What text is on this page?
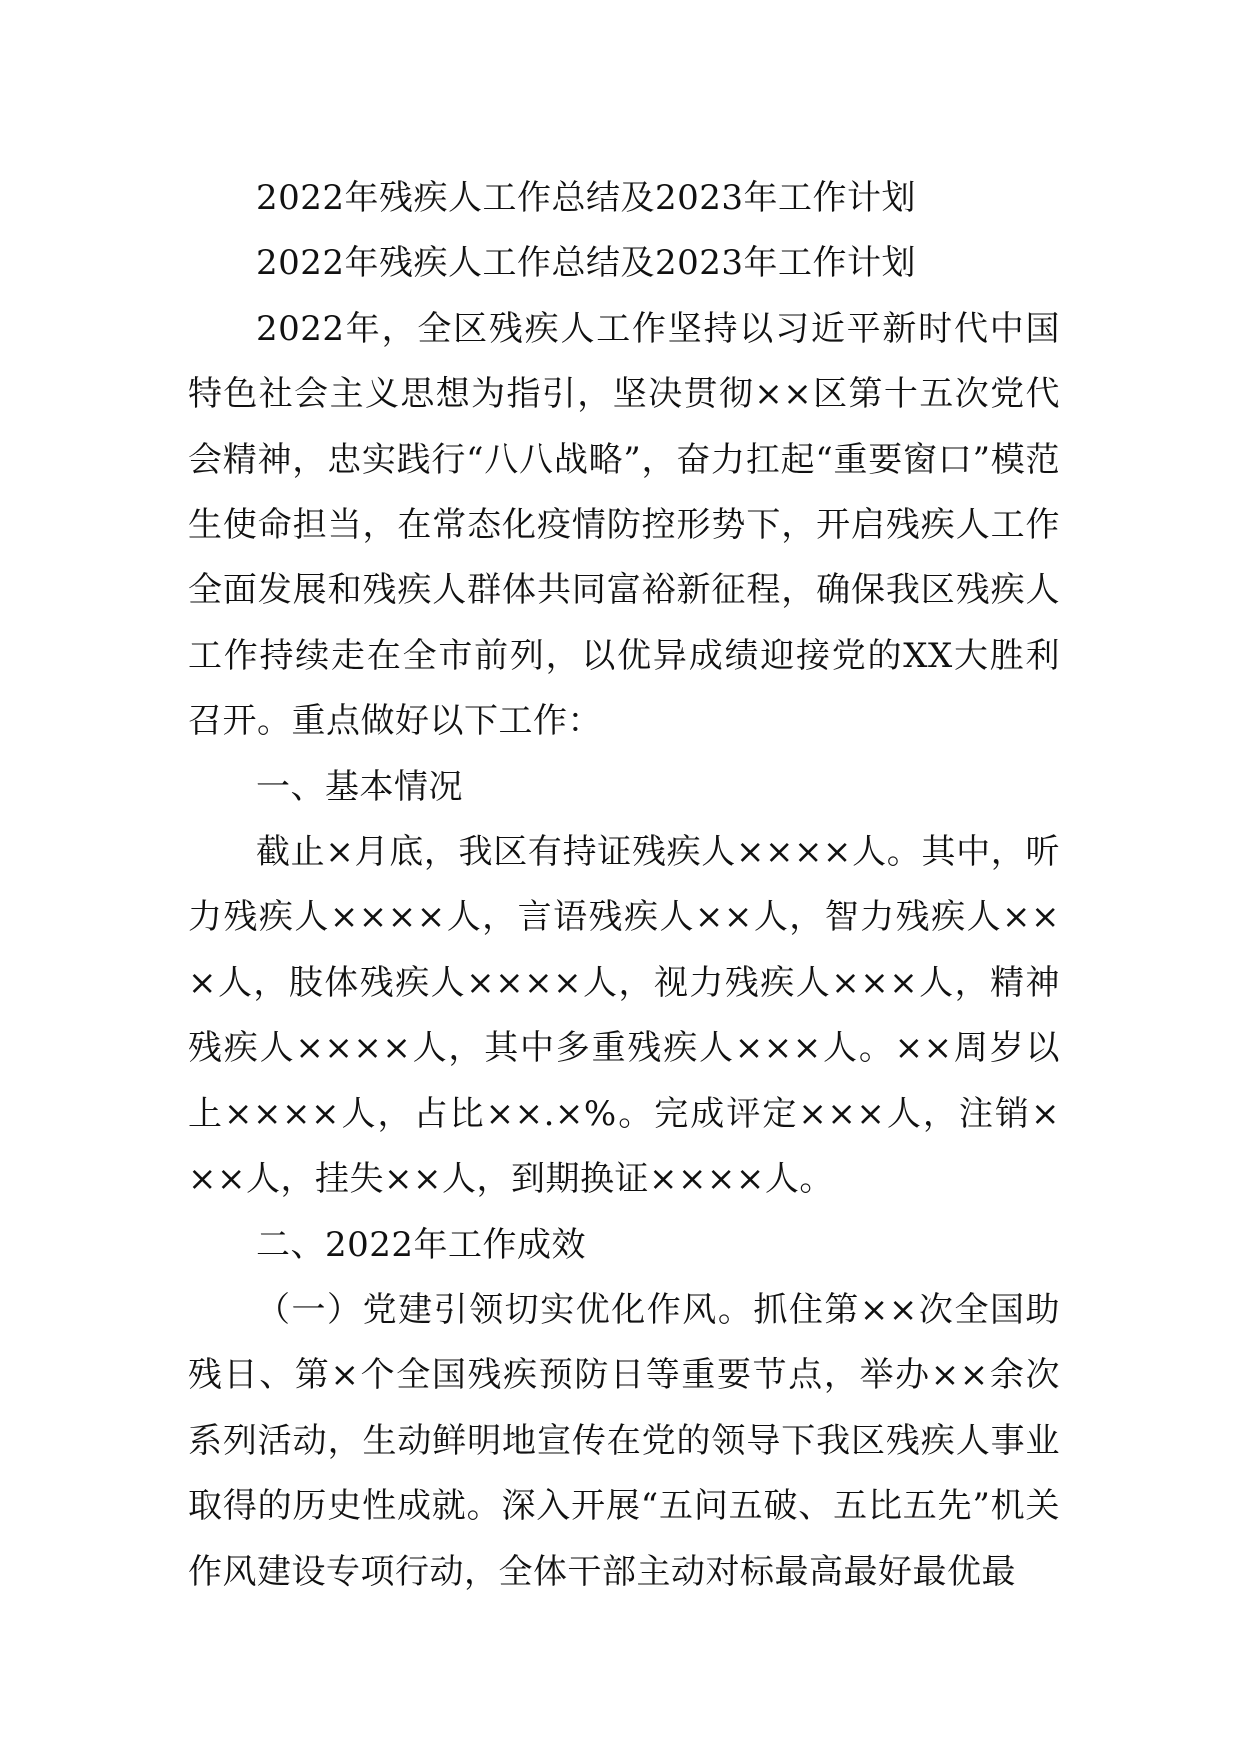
2022年残疾人工作总结及2023年工作计划

2022年残疾人工作总结及2023年工作计划

2022年，全区残疾人工作坚持以习近平新时代中国特色社会主义思想为指引，坚决贯彻××区第十五次党代会精神，忠实践行“八八战略”，奋力扛起“重要窗口”模范生使命担当，在常态化疫情防控形势下，开启残疾人工作全面发展和残疾人群体共同富裕新征程，确保我区残疾人工作持续走在全市前列，以优异成绩迎接党的XX大胜利召开。重点做好以下工作：

一、基本情况

截止×月底，我区有持证残疾人××××人。其中，听力残疾人××××人，言语残疾人××人，智力残疾人×××人，肢体残疾人××××人，视力残疾人×××人，精神残疾人××××人，其中多重残疾人×××人。××周岁以上××××人，占比××.×%。完成评定×××人，注销×××人，挂失××人，到期换证××××人。

二、2022年工作成效

（一）党建引领切实优化作风。抓住第××次全国助残日、第×个全国残疾预防日等重要节点，举办××余次系列活动，生动鲜明地宣传在党的领导下我区残疾人事业取得的历史性成就。深入开展“五问五破、五比五先”机关作风建设专项行动，全体干部主动对标最高最好最优最
